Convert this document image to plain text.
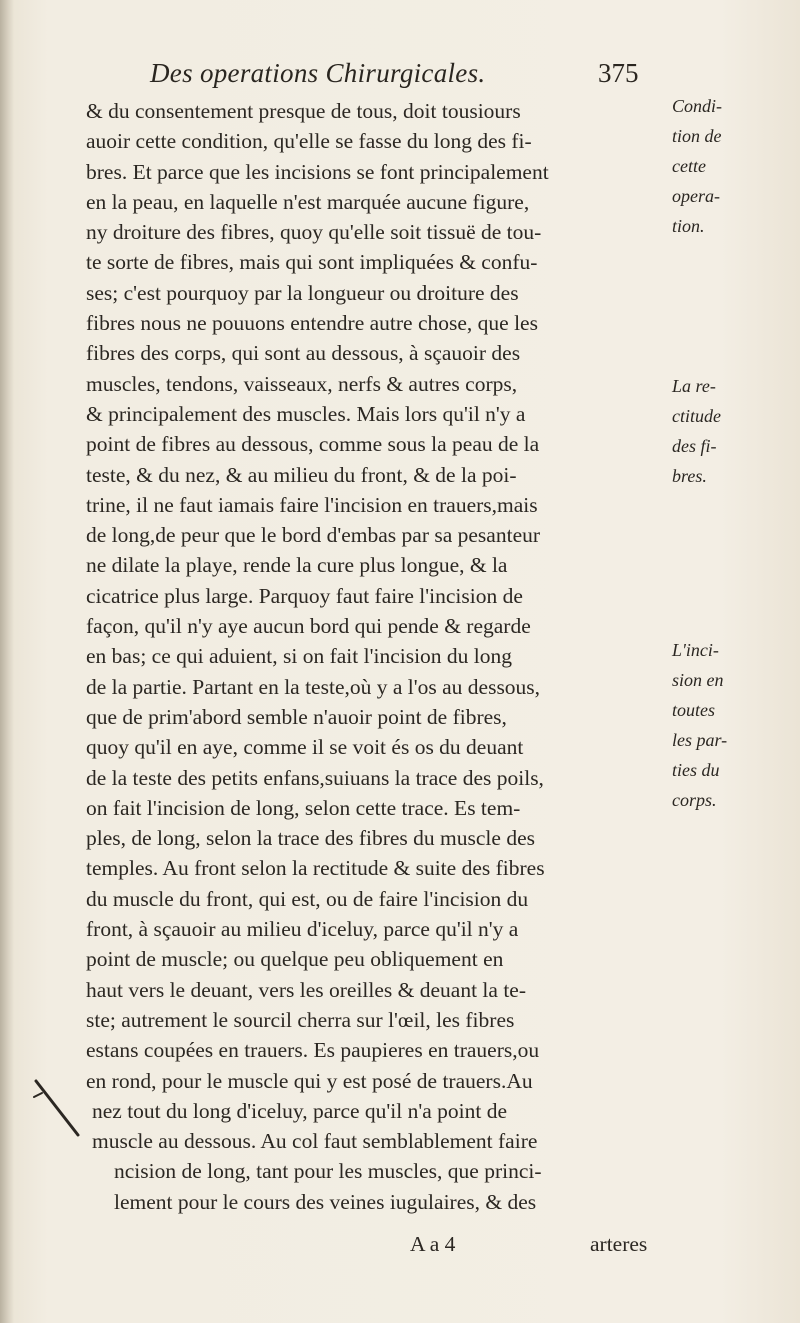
Des operations Chirurgicales.	375
& du consentement presque de tous, doit tousiours
auoir cette condition, qu'elle se fasse du long des fi-
bres. Et parce que les incisions se font principalement
en la peau, en laquelle n'est marquée aucune figure,
ny droiture des fibres, quoy qu'elle soit tissuë de tou-
te sorte de fibres, mais qui sont impliquées & confu-
ses; c'est pourquoy par la longueur ou droiture des
fibres nous ne pouuons entendre autre chose, que les
fibres des corps, qui sont au dessous, à sçauoir des
muscles, tendons, vaisseaux, nerfs & autres corps,
& principalement des muscles. Mais lors qu'il n'y a
point de fibres au dessous, comme sous la peau de la
teste, & du nez, & au milieu du front, & de la poi-
trine, il ne faut iamais faire l'incision en trauers,mais
de long,de peur que le bord d'embas par sa pesanteur
ne dilate la playe, rende la cure plus longue, & la
cicatrice plus large. Parquoy faut faire l'incision de
façon, qu'il n'y aye aucun bord qui pende & regarde
en bas; ce qui aduient, si on fait l'incision du long
de la partie. Partant en la teste,où y a l'os au dessous,
que de prim'abord semble n'auoir point de fibres,
quoy qu'il en aye, comme il se voit és os du deuant
de la teste des petits enfans,suiuans la trace des poils,
on fait l'incision de long, selon cette trace. Es tem-
ples, de long, selon la trace des fibres du muscle des
temples. Au front selon la rectitude & suite des fibres
du muscle du front, qui est, ou de faire l'incision du
front, à sçauoir au milieu d'iceluy, parce qu'il n'y a
point de muscle; ou quelque peu obliquement en
haut vers le deuant, vers les oreilles & deuant la te-
ste; autrement le sourcil cherra sur l'œil, les fibres
estans coupées en trauers. Es paupieres en trauers,ou
en rond, pour le muscle qui y est posé de trauers.Au
nez tout du long d'iceluy, parce qu'il n'a point de
muscle au dessous. Au col faut semblablement faire
ncision de long, tant pour les muscles, que princi-
lement pour le cours des veines iugulaires, & des
Condi-
tion de
cette
opera-
tion.
La re-
ctitude
des fi-
bres.
L'inci-
sion en
toutes
les par-
ties du
corps.
A a 4	arteres
